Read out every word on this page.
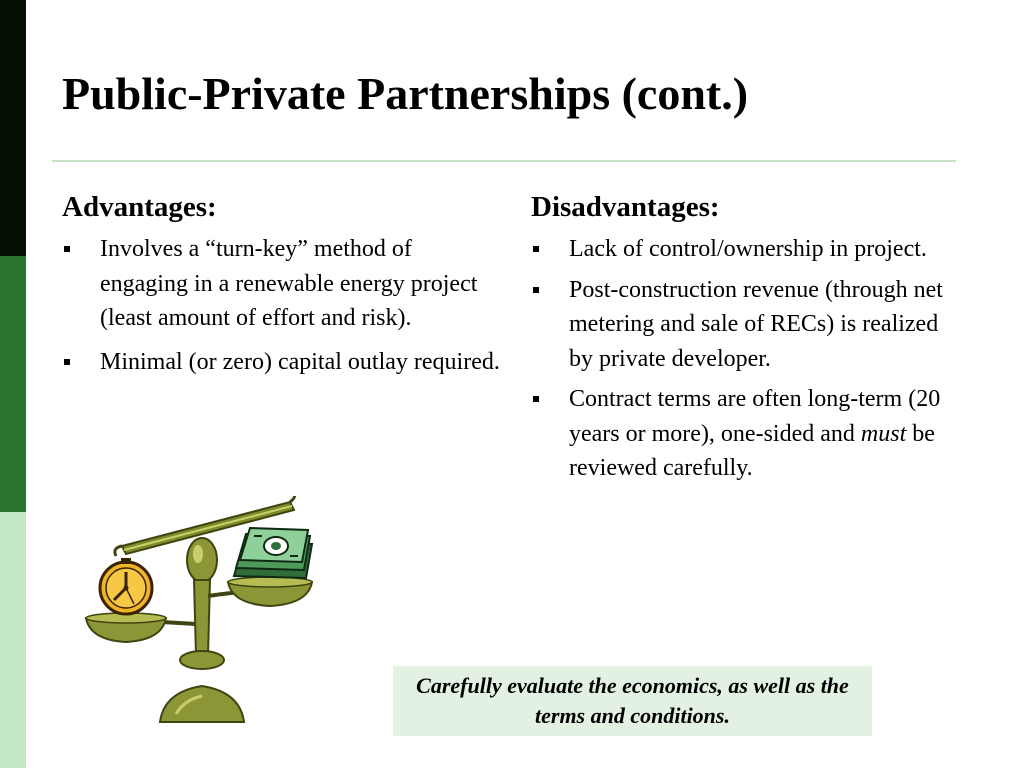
Public-Private Partnerships (cont.)
Advantages:
Involves a “turn-key” method of engaging in a renewable energy project (least amount of effort and risk).
Minimal (or zero) capital outlay required.
Disadvantages:
Lack of control/ownership in project.
Post-construction revenue (through net metering and sale of RECs) is realized by private developer.
Contract terms are often long-term (20 years or more), one-sided and must be reviewed carefully.
Carefully evaluate the economics, as well as the terms and conditions.
